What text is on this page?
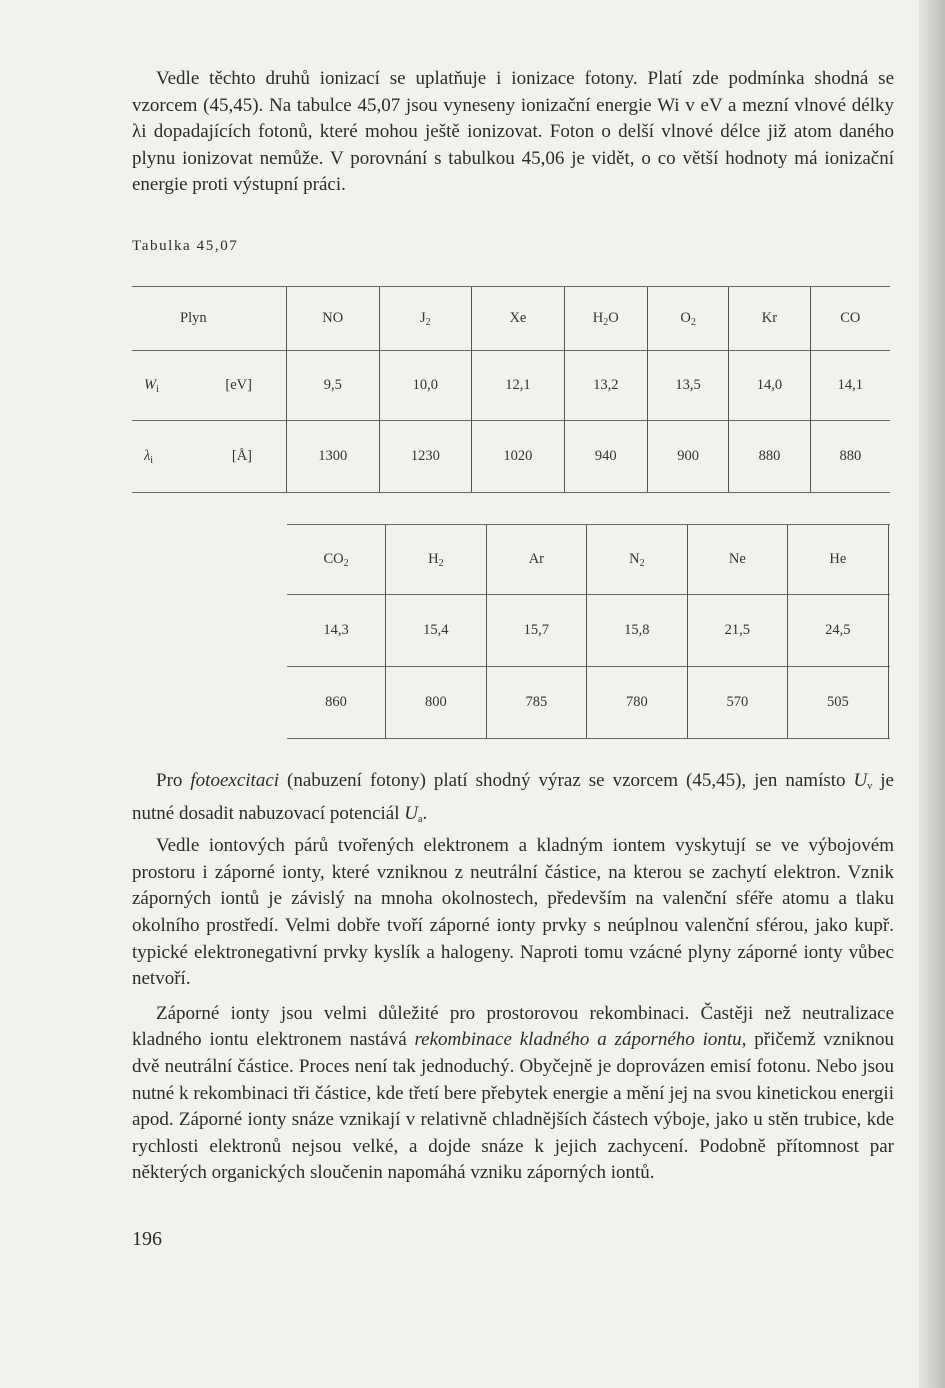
Vedle těchto druhů ionizací se uplatňuje i ionizace fotony. Platí zde podmínka shodná se vzorcem (45,45). Na tabulce 45,07 jsou vyneseny ionizační energie Wi v eV a mezní vlnové délky λi dopadajících fotonů, které mohou ještě ionizovat. Foton o delší vlnové délce již atom daného plynu ionizovat nemůže. V porovnání s tabulkou 45,06 je vidět, o co větší hodnoty má ionizační energie proti výstupní práci.

Tabulka 45,07

Pro fotoexcitaci (nabuzení fotony) platí shodný výraz se vzorcem (45,45), jen namísto $U_v$ je nutné dosadit nabuzovací potenciál $U_a$.

Vedle iontových párů tvořených elektronem a kladným iontem vyskytují se ve výbojovém prostoru i záporné ionty, které vzniknou z neutrální částice, na kterou se zachytí elektron. Vznik záporných iontů je závislý na mnoha okolnostech, především na valenční sféře atomu a tlaku okolního prostředí. Velmi dobře tvoří záporné ionty prvky s neúplnou valenční sférou, jako kupř. typické elektronegativní prvky kyslík a halogeny. Naproti tomu vzácné plyny záporné ionty vůbec netvoří.

Záporné ionty jsou velmi důležité pro prostorovou rekombinaci. Častěji než neutralizace kladného iontu elektronem nastává rekombinace kladného a záporného iontu, přičemž vzniknou dvě neutrální částice. Proces není tak jednoduchý. Obyčejně je doprovázen emisí fotonu. Nebo jsou nutné k rekombinaci tři částice, kde třetí bere přebytek energie a mění jej na svou kinetickou energii apod. Záporné ionty snáze vznikají v relativně chladnějších částech výboje, jako u stěn trubice, kde rychlosti elektronů nejsou velké, a dojde snáze k jejich zachycení. Podobně přítomnost par některých organických sloučenin napomáhá vzniku záporných iontů.

196
Plyn	NO	$J_2$	Xe	$H_2O$	$O_2$	Kr	CO

$W_i$ [eV]	9,5	10,0	12,1	13,2	13,5	14,0	14,1

$\lambda_i$ [Å]	1300	1230	1020	940	900	880	880
$CO_2$	$H_2$	Ar	$N_2$	Ne	He	
14,3	15,4	15,7	15,8	21,5	24,5	
860	800	785	780	570	505	
